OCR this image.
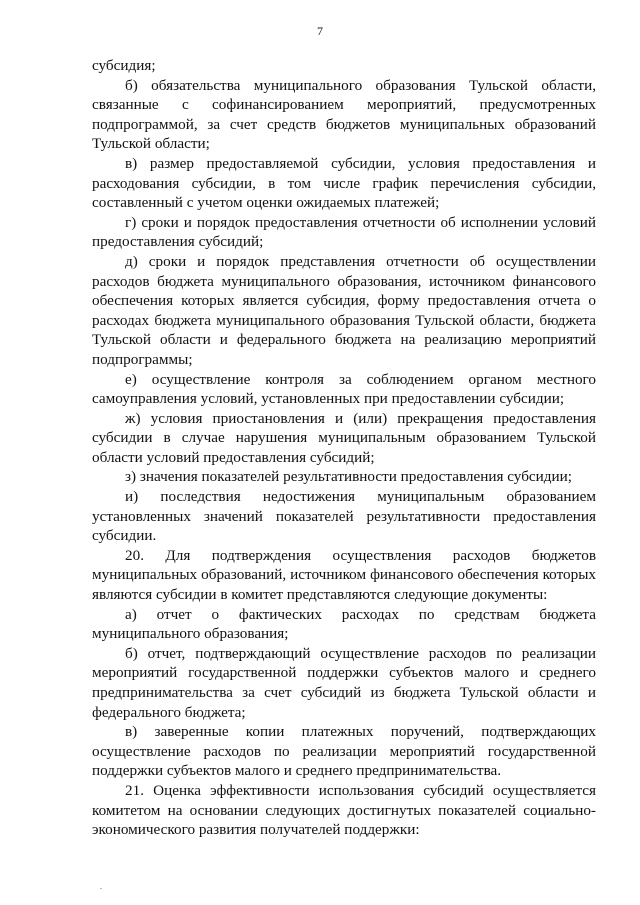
7

субсидия;

б) обязательства муниципального образования Тульской области, связанные с софинансированием мероприятий, предусмотренных подпрограммой, за счет средств бюджетов муниципальных образований Тульской области;

в) размер предоставляемой субсидии, условия предоставления и расходования субсидии, в том числе график перечисления субсидии, составленный с учетом оценки ожидаемых платежей;

г) сроки и порядок предоставления отчетности об исполнении условий предоставления субсидий;

д) сроки и порядок представления отчетности об осуществлении расходов бюджета муниципального образования, источником финансового обеспечения которых является субсидия, форму предоставления отчета о расходах бюджета муниципального образования Тульской области, бюджета Тульской области и федерального бюджета на реализацию мероприятий подпрограммы;

е) осуществление контроля за соблюдением органом местного самоуправления условий, установленных при предоставлении субсидии;

ж) условия приостановления и (или) прекращения предоставления субсидии в случае нарушения муниципальным образованием Тульской области условий предоставления субсидий;

з) значения показателей результативности предоставления субсидии;

и) последствия недостижения муниципальным образованием установленных значений показателей результативности предоставления субсидии.

20. Для подтверждения осуществления расходов бюджетов муниципальных образований, источником финансового обеспечения которых являются субсидии в комитет представляются следующие документы:

а) отчет о фактических расходах по средствам бюджета муниципального образования;

б) отчет, подтверждающий осуществление расходов по реализации мероприятий государственной поддержки субъектов малого и среднего предпринимательства за счет субсидий из бюджета Тульской области и федерального бюджета;

в) заверенные копии платежных поручений, подтверждающих осуществление расходов по реализации мероприятий государственной поддержки субъектов малого и среднего предпринимательства.

21. Оценка эффективности использования субсидий осуществляется комитетом на основании следующих достигнутых показателей социально-экономического развития получателей поддержки:
